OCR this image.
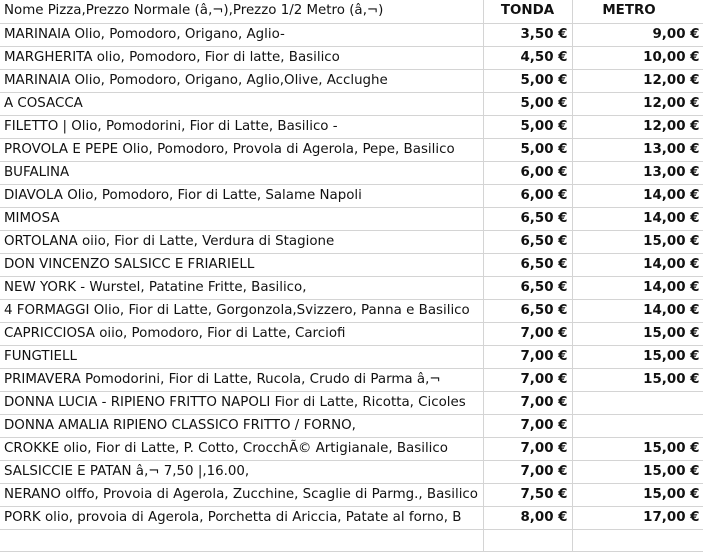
Nome Pizza,Prezzo Normale (â‚¬),Prezzo 1/2 Metro (â‚¬)	TONDA	METRO
MARINAIA Olio, Pomodoro, Origano, Aglio-	3,50 €	9,00 €
MARGHERITA olio, Pomodoro, Fior di latte, Basilico	4,50 €	10,00 €
MARINAIA Olio, Pomodoro, Origano, Aglio,Olive, Acclughe	5,00 €	12,00 €
A COSACCA	5,00 €	12,00 €
FILETTO | Olio, Pomodorini, Fior di Latte, Basilico -	5,00 €	12,00 €
PROVOLA E PEPE Olio, Pomodoro, Provola di Agerola, Pepe, Basilico	5,00 €	13,00 €
BUFALINA	6,00 €	13,00 €
DIAVOLA Olio, Pomodoro, Fior di Latte, Salame Napoli	6,00 €	14,00 €
MIMOSA	6,50 €	14,00 €
ORTOLANA oiio, Fior di Latte, Verdura di Stagione	6,50 €	15,00 €
DON VINCENZO SALSICC E FRIARIELL	6,50 €	14,00 €
NEW YORK - Wurstel, Patatine Fritte, Basilico,	6,50 €	14,00 €
4 FORMAGGI Olio, Fior di Latte, Gorgonzola,Svizzero, Panna e Basilico	6,50 €	14,00 €
CAPRICCIOSA oiio, Pomodoro, Fior di Latte, Carciofi	7,00 €	15,00 €
FUNGTIELL	7,00 €	15,00 €
PRIMAVERA Pomodorini, Fior di Latte, Rucola, Crudo di Parma â‚¬	7,00 €	15,00 €
DONNA LUCIA - RIPIENO FRITTO NAPOLI Fior di Latte, Ricotta, Cicoles	7,00 €	
DONNA AMALIA RIPIENO CLASSICO FRITTO / FORNO,	7,00 €	
CROKKE olio, Fior di Latte, P. Cotto, CrocchÃ© Artigianale, Basilico	7,00 €	15,00 €
SALSICCIE E PATAN â‚¬ 7,50 |,16.00,	7,00 €	15,00 €
NERANO olffo, Provoia di Agerola, Zucchine, Scaglie di Parmg., Basilico	7,50 €	15,00 €
PORK olio, provoia di Agerola, Porchetta di Ariccia, Patate al forno, B	8,00 €	17,00 €
